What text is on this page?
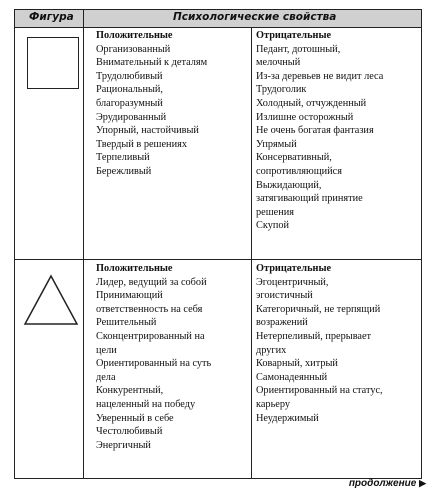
Фигура	Психологические свойства
Положительные
Организованный
Внимательный к деталям
Трудолюбивый
Рациональный,
благоразумный
Эрудированный
Упорный, настойчивый
Твердый в решениях
Терпеливый
Бережливый
Отрицательные
Педант, дотошный,
мелочный
Из-за деревьев не видит леса
Трудоголик
Холодный, отчужденный
Излишне осторожный
Не очень богатая фантазия
Упрямый
Консервативный,
сопротивляющийся
Выжидающий,
затягивающий принятие
решения
Скупой
Положительные
Лидер, ведущий за собой
Принимающий
ответственность на себя
Решительный
Сконцентрированный на
цели
Ориентированный на суть
дела
Конкурентный,
нацеленный на победу
Уверенный в себе
Честолюбивый
Энергичный
Отрицательные
Эгоцентричный,
эгоистичный
Категоричный, не терпящий
возражений
Нетерпеливый, прерывает
других
Коварный, хитрый
Самонадеянный
Ориентированный на статус,
карьеру
Неудержимый
продолжение ▶
